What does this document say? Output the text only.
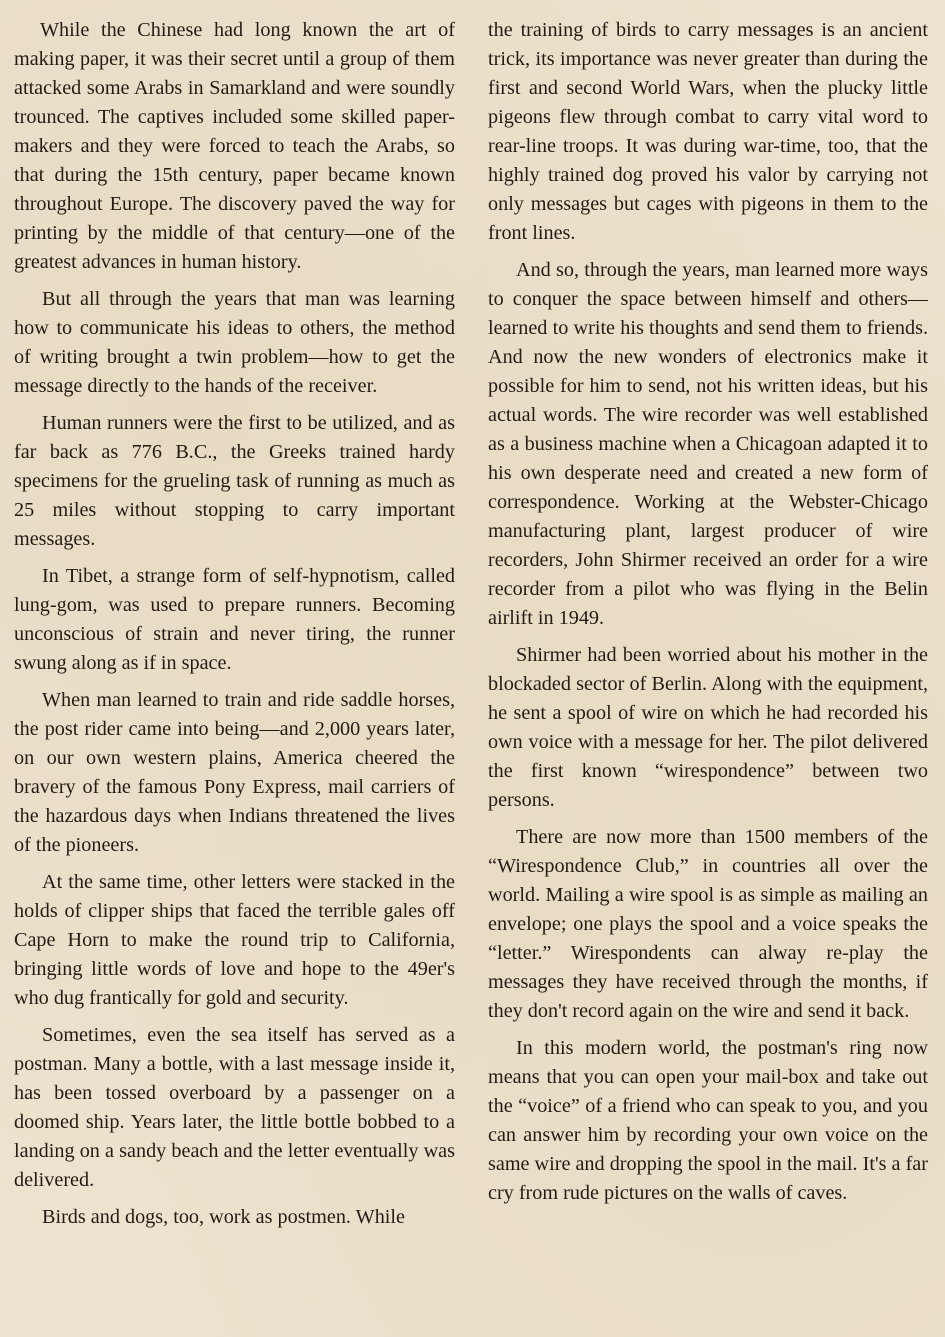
While the Chinese had long known the art of making paper, it was their secret until a group of them attacked some Arabs in Samarkland and were soundly trounced. The captives included some skilled paper-makers and they were forced to teach the Arabs, so that during the 15th century, paper became known throughout Europe. The discovery paved the way for printing by the middle of that century—one of the greatest advances in human history.

But all through the years that man was learning how to communicate his ideas to others, the method of writing brought a twin problem—how to get the message directly to the hands of the receiver.

Human runners were the first to be utilized, and as far back as 776 B.C., the Greeks trained hardy specimens for the grueling task of running as much as 25 miles without stopping to carry important messages.

In Tibet, a strange form of self-hypnotism, called lung-gom, was used to prepare runners. Becoming unconscious of strain and never tiring, the runner swung along as if in space.

When man learned to train and ride saddle horses, the post rider came into being—and 2,000 years later, on our own western plains, America cheered the bravery of the famous Pony Express, mail carriers of the hazardous days when Indians threatened the lives of the pioneers.

At the same time, other letters were stacked in the holds of clipper ships that faced the terrible gales off Cape Horn to make the round trip to California, bringing little words of love and hope to the 49er's who dug frantically for gold and security.

Sometimes, even the sea itself has served as a postman. Many a bottle, with a last message inside it, has been tossed overboard by a passenger on a doomed ship. Years later, the little bottle bobbed to a landing on a sandy beach and the letter eventually was delivered.

Birds and dogs, too, work as postmen. While

the training of birds to carry messages is an ancient trick, its importance was never greater than during the first and second World Wars, when the plucky little pigeons flew through combat to carry vital word to rear-line troops. It was during war-time, too, that the highly trained dog proved his valor by carrying not only messages but cages with pigeons in them to the front lines.

And so, through the years, man learned more ways to conquer the space between himself and others—learned to write his thoughts and send them to friends. And now the new wonders of electronics make it possible for him to send, not his written ideas, but his actual words. The wire recorder was well established as a business machine when a Chicagoan adapted it to his own desperate need and created a new form of correspondence. Working at the Webster-Chicago manufacturing plant, largest producer of wire recorders, John Shirmer received an order for a wire recorder from a pilot who was flying in the Belin airlift in 1949.

Shirmer had been worried about his mother in the blockaded sector of Berlin. Along with the equipment, he sent a spool of wire on which he had recorded his own voice with a message for her. The pilot delivered the first known “wirespondence” between two persons.

There are now more than 1500 members of the “Wirespondence Club,” in countries all over the world. Mailing a wire spool is as simple as mailing an envelope; one plays the spool and a voice speaks the “letter.” Wirespondents can alway re-play the messages they have received through the months, if they don't record again on the wire and send it back.

In this modern world, the postman's ring now means that you can open your mail-box and take out the “voice” of a friend who can speak to you, and you can answer him by recording your own voice on the same wire and dropping the spool in the mail. It's a far cry from rude pictures on the walls of caves.
